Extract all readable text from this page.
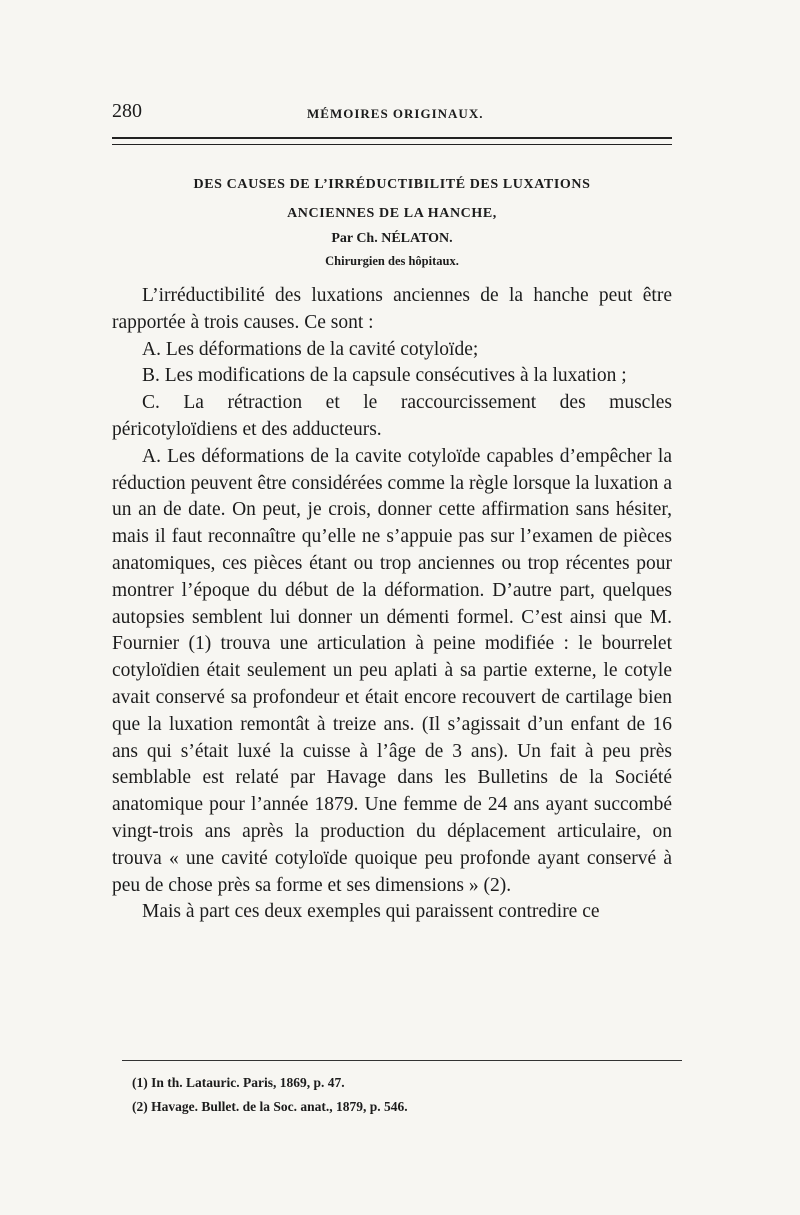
280	MÉMOIRES ORIGINAUX.
DES CAUSES DE L’IRRÉDUCTIBILITÉ DES LUXATIONS
ANCIENNES DE LA HANCHE,
Par Ch. NÉLATON.
Chirurgien des hôpitaux.

L’irréductibilité des luxations anciennes de la hanche peut être rapportée à trois causes. Ce sont :

A. Les déformations de la cavité cotyloïde;

B. Les modifications de la capsule consécutives à la luxation ;

C. La rétraction et le raccourcissement des muscles péricotyloïdiens et des adducteurs.

A. Les déformations de la cavite cotyloïde capables d’empêcher la réduction peuvent être considérées comme la règle lorsque la luxation a un an de date. On peut, je crois, donner cette affirmation sans hésiter, mais il faut reconnaître qu’elle ne s’appuie pas sur l’examen de pièces anatomiques, ces pièces étant ou trop anciennes ou trop récentes pour montrer l’époque du début de la déformation. D’autre part, quelques autopsies semblent lui donner un démenti formel. C’est ainsi que M. Fournier (1) trouva une articulation à peine modifiée : le bourrelet cotyloïdien était seulement un peu aplati à sa partie externe, le cotyle avait conservé sa profondeur et était encore recouvert de cartilage bien que la luxation remontât à treize ans. (Il s’agissait d’un enfant de 16 ans qui s’était luxé la cuisse à l’âge de 3 ans). Un fait à peu près semblable est relaté par Havage dans les Bulletins de la Société anatomique pour l’année 1879. Une femme de 24 ans ayant succombé vingt-trois ans après la production du déplacement articulaire, on trouva « une cavité cotyloïde quoique peu profonde ayant conservé à peu de chose près sa forme et ses dimensions » (2).

Mais à part ces deux exemples qui paraissent contredire ce

(1) In th. Latauric. Paris, 1869, p. 47.
(2) Havage. Bullet. de la Soc. anat., 1879, p. 546.
